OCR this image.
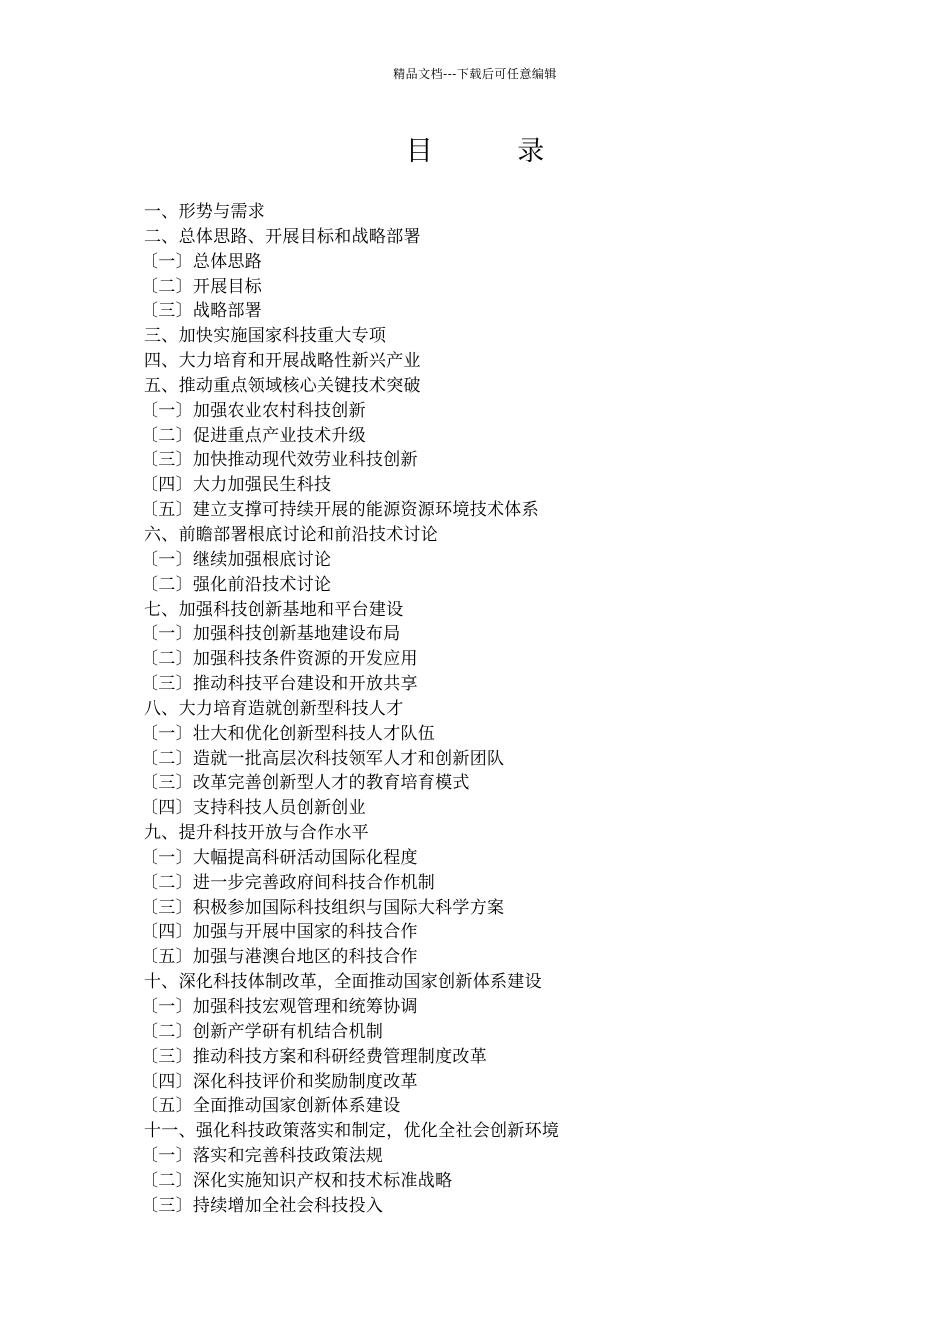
精品文档---下载后可任意编辑
目 录
一、形势与需求
二、总体思路、开展目标和战略部署
〔一〕总体思路
〔二〕开展目标
〔三〕战略部署
三、加快实施国家科技重大专项
四、大力培育和开展战略性新兴产业
五、推动重点领域核心关键技术突破
〔一〕加强农业农村科技创新
〔二〕促进重点产业技术升级
〔三〕加快推动现代效劳业科技创新
〔四〕大力加强民生科技
〔五〕建立支撑可持续开展的能源资源环境技术体系
六、前瞻部署根底讨论和前沿技术讨论
〔一〕继续加强根底讨论
〔二〕强化前沿技术讨论
七、加强科技创新基地和平台建设
〔一〕加强科技创新基地建设布局
〔二〕加强科技条件资源的开发应用
〔三〕推动科技平台建设和开放共享
八、大力培育造就创新型科技人才
〔一〕壮大和优化创新型科技人才队伍
〔二〕造就一批高层次科技领军人才和创新团队
〔三〕改革完善创新型人才的教育培育模式
〔四〕支持科技人员创新创业
九、提升科技开放与合作水平
〔一〕大幅提高科研活动国际化程度
〔二〕进一步完善政府间科技合作机制
〔三〕积极参加国际科技组织与国际大科学方案
〔四〕加强与开展中国家的科技合作
〔五〕加强与港澳台地区的科技合作
十、深化科技体制改革，全面推动国家创新体系建设
〔一〕加强科技宏观管理和统筹协调
〔二〕创新产学研有机结合机制
〔三〕推动科技方案和科研经费管理制度改革
〔四〕深化科技评价和奖励制度改革
〔五〕全面推动国家创新体系建设
十一、强化科技政策落实和制定，优化全社会创新环境
〔一〕落实和完善科技政策法规
〔二〕深化实施知识产权和技术标准战略
〔三〕持续增加全社会科技投入
